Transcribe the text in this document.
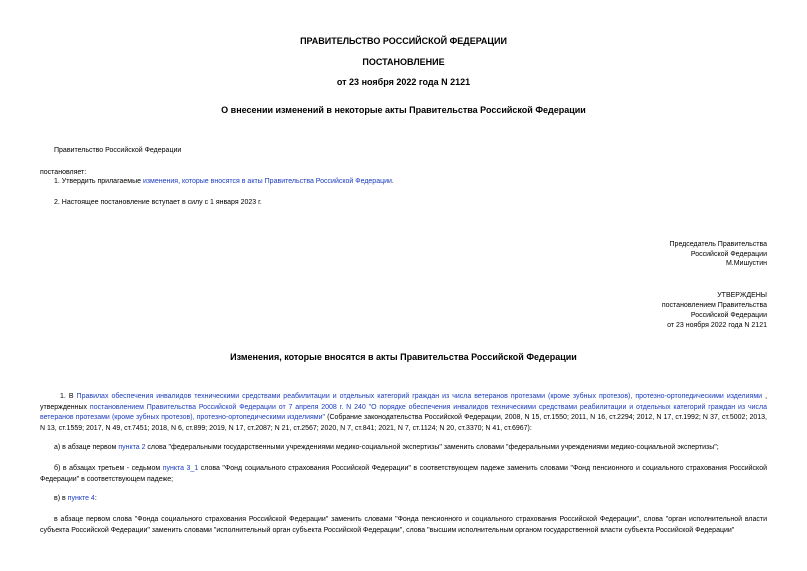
ПРАВИТЕЛЬСТВО РОССИЙСКОЙ ФЕДЕРАЦИИ
ПОСТАНОВЛЕНИЕ
от 23 ноября 2022 года N 2121
О внесении изменений в некоторые акты Правительства Российской Федерации
Правительство Российской Федерации
постановляет:
1. Утвердить прилагаемые изменения, которые вносятся в акты Правительства Российской Федерации.
2. Настоящее постановление вступает в силу с 1 января 2023 г.
Председатель Правительства
Российской Федерации
М.Мишустин
УТВЕРЖДЕНЫ
постановлением Правительства
Российской Федерации
от 23 ноября 2022 года N 2121
Изменения, которые вносятся в акты Правительства Российской Федерации
1. В Правилах обеспечения инвалидов техническими средствами реабилитации и отдельных категорий граждан из числа ветеранов протезами (кроме зубных протезов), протезно-ортопедическими изделиями , утвержденных постановлением Правительства Российской Федерации от 7 апреля 2008 г. N 240 "О порядке обеспечения инвалидов техническими средствами реабилитации и отдельных категорий граждан из числа ветеранов протезами (кроме зубных протезов), протезно-ортопедическими изделиями" (Собрание законодательства Российской Федерации, 2008, N 15, ст.1550; 2011, N 16, ст.2294; 2012, N 17, ст.1992; N 37, ст.5002; 2013, N 13, ст.1559; 2017, N 49, ст.7451; 2018, N 6, ст.899; 2019, N 17, ст.2087; N 21, ст.2567; 2020, N 7, ст.841; 2021, N 7, ст.1124; N 20, ст.3370; N 41, ст.6967):
а) в абзаце первом пункта 2 слова "федеральными государственными учреждениями медико-социальной экспертизы" заменить словами "федеральными учреждениями медико-социальной экспертизы";
б) в абзацах третьем - седьмом пункта 3_1 слова "Фонд социального страхования Российской Федерации" в соответствующем падеже заменить словами "Фонд пенсионного и социального страхования Российской Федерации" в соответствующем падеже;
в) в пункте 4:
в абзаце первом слова "Фонда социального страхования Российской Федерации" заменить словами "Фонда пенсионного и социального страхования Российской Федерации", слова "орган исполнительной власти субъекта Российской Федерации" заменить словами "исполнительный орган субъекта Российской Федерации", слова "высшим исполнительным органом государственной власти субъекта Российской Федерации"
